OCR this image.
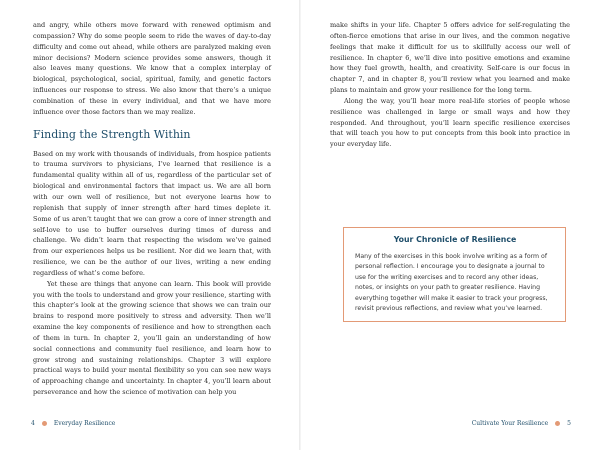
and angry, while others move forward with renewed optimism and compassion? Why do some people seem to ride the waves of day-to-day difficulty and come out ahead, while others are paralyzed making even minor decisions? Modern science provides some answers, though it also leaves many questions. We know that a complex interplay of biological, psychological, social, spiritual, family, and genetic factors influences our response to stress. We also know that there’s a unique combination of these in every individual, and that we have more influence over those factors than we may realize.

Finding the Strength Within

Based on my work with thousands of individuals, from hospice patients to trauma survivors to physicians, I’ve learned that resilience is a fundamental quality within all of us, regardless of the particular set of biological and environmental factors that impact us. We are all born with our own well of resilience, but not everyone learns how to replenish that supply of inner strength after hard times deplete it. Some of us aren’t taught that we can grow a core of inner strength and self-love to use to buffer ourselves during times of duress and challenge. We didn’t learn that respecting the wisdom we’ve gained from our experiences helps us be resilient. Nor did we learn that, with resilience, we can be the author of our lives, writing a new ending regardless of what’s come before.

Yet these are things that anyone can learn. This book will provide you with the tools to understand and grow your resilience, starting with this chapter’s look at the growing science that shows we can train our brains to respond more positively to stress and adversity. Then we’ll examine the key components of resilience and how to strengthen each of them in turn. In chapter 2, you’ll gain an understanding of how social connections and community fuel resilience, and learn how to grow strong and sustaining relationships. Chapter 3 will explore practical ways to build your mental flexibility so you can see new ways of approaching change and uncertainty. In chapter 4, you’ll learn about perseverance and how the science of motivation can help you

4	Everyday Resilience

make shifts in your life. Chapter 5 offers advice for self-regulating the often-fierce emotions that arise in our lives, and the common negative feelings that make it difficult for us to skillfully access our well of resilience. In chapter 6, we’ll dive into positive emotions and examine how they fuel growth, health, and creativity. Self-care is our focus in chapter 7, and in chapter 8, you’ll review what you learned and make plans to maintain and grow your resilience for the long term.

Along the way, you’ll hear more real-life stories of people whose resilience was challenged in large or small ways and how they responded. And throughout, you’ll learn specific resilience exercises that will teach you how to put concepts from this book into practice in your everyday life.

Your Chronicle of Resilience
Many of the exercises in this book involve writing as a form of personal reflection. I encourage you to designate a journal to use for the writing exercises and to record any other ideas, notes, or insights on your path to greater resilience. Having everything together will make it easier to track your progress, revisit previous reflections, and review what you’ve learned.
Cultivate Your Resilience	5
